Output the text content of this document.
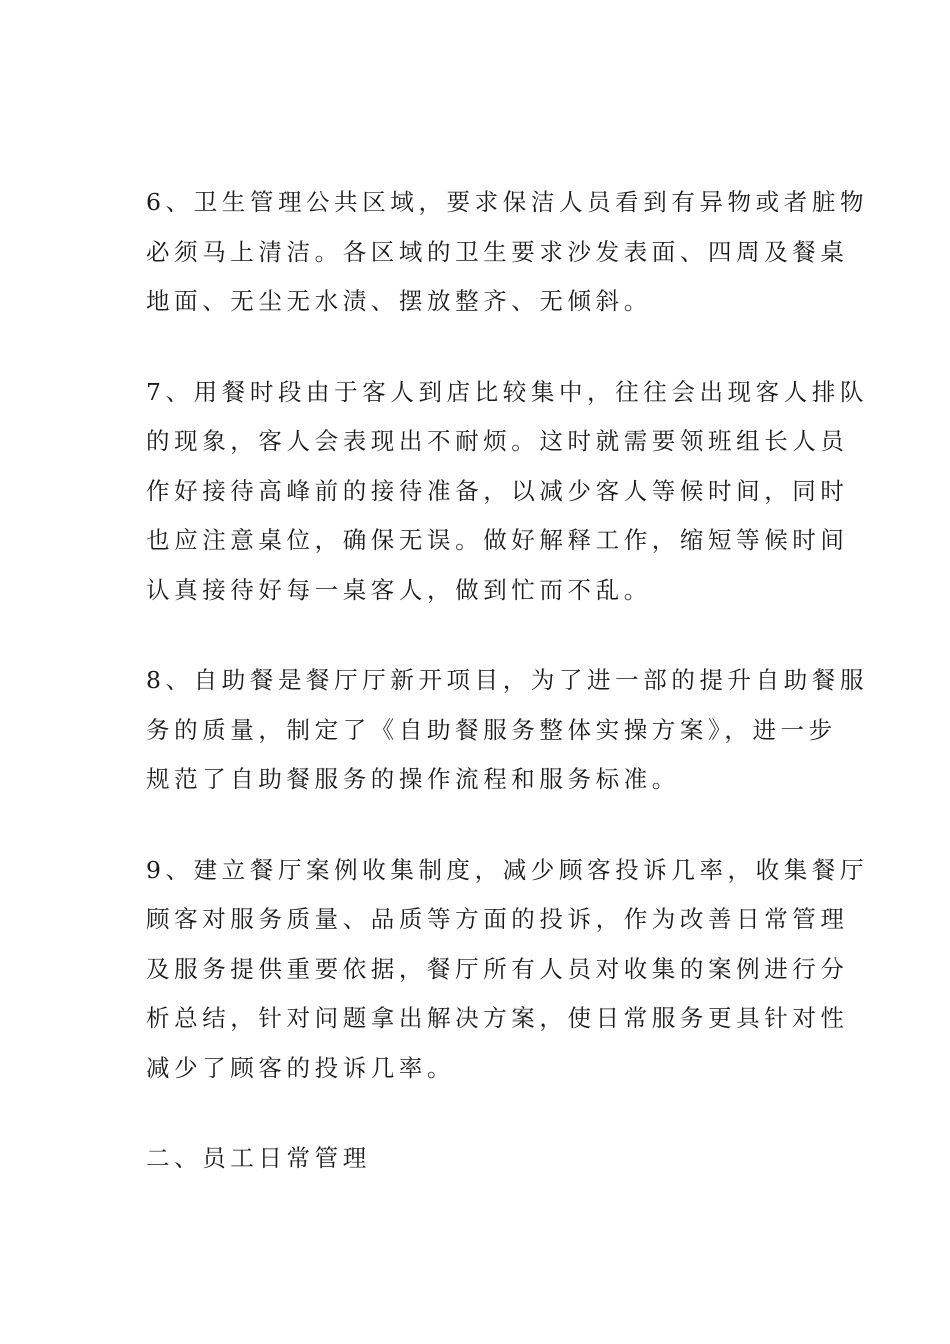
6、卫生管理公共区域，要求保洁人员看到有异物或者脏物
必须马上清洁。各区域的卫生要求沙发表面、四周及餐桌
地面、无尘无水渍、摆放整齐、无倾斜。
7、用餐时段由于客人到店比较集中，往往会出现客人排队
的现象，客人会表现出不耐烦。这时就需要领班组长人员
作好接待高峰前的接待准备，以减少客人等候时间，同时
也应注意桌位，确保无误。做好解释工作，缩短等候时间
认真接待好每一桌客人，做到忙而不乱。
8、自助餐是餐厅厅新开项目，为了进一部的提升自助餐服
务的质量，制定了《自助餐服务整体实操方案》，进一步
规范了自助餐服务的操作流程和服务标准。
9、建立餐厅案例收集制度，减少顾客投诉几率，收集餐厅
顾客对服务质量、品质等方面的投诉，作为改善日常管理
及服务提供重要依据，餐厅所有人员对收集的案例进行分
析总结，针对问题拿出解决方案，使日常服务更具针对性
减少了顾客的投诉几率。
二、员工日常管理
